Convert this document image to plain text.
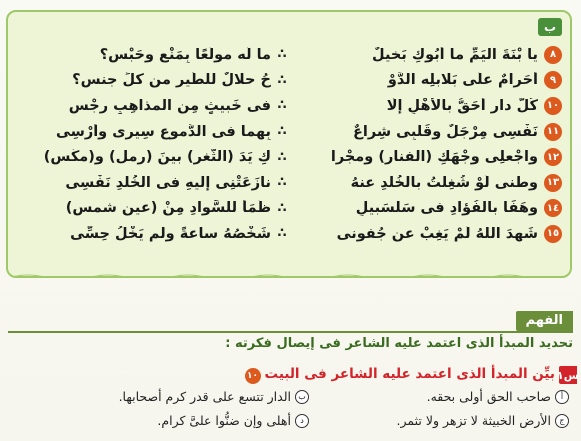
ب
٨
يا بْنَةَ اليَمِّ ما أبُوكِ بَخيلٌ
∴
ما لَه مولَعًا بِمَنْعٍ وحَبْسِ؟
٩
أحَرامٌ علَى بَلابلِه الدَّوْ
∴
حُ حلالٌ للطَّيرِ من كلِّ جنسِ؟
١٠
كُلُّ دارٍ أحَقُّ بالأهْلِ إلَّا
∴
فى خَبيثٍ مِن المذاهِبِ رِجْسِ
١١
نَفْسِى مِرْجَلٌ وقَلْبِى شِراعٌ
∴
بِهِما فى الدُّموعِ سِيرِى وأرْسِى
١٢
واجْعلِى وجْهَكِ (الفنار) ومجْرا
∴
كِ يَدَ (الثَّغر) بينَ (رمل) و(مكْس)
١٣
وطنى لَوْ شُغِلْتُ بالخُلْدِ عنهُ
∴
نازَعَتْنِى إليهِ فى الخُلْدِ نَفْسِى
١٤
وهَفَا بالفُؤادِ فى سَلْسَبيلٍ
∴
ظَمَأٌ للسَّوادِ مِنْ (عينِ شمسِ)
١٥
شَهِدَ اللهُ لَمْ يَغِبْ عن جُفونى
∴
شَخْصُهُ ساعةً ولم يَخْلُ حِسِّى
الفهم
تحديد المبدأ الذى اعتمد عليه الشاعر فى إيصال فكرته :
س١
بيِّن المبدأ الذى اعتمد عليه الشاعر فى البيت١٠
أ
صاحب الحق أولى بحقه.
ب
الدار تتسع على قدر كرم أصحابها.
ج
الأرض الخبيثة لا تزهر ولا تثمر.
د
أهلى وإن ضنُّوا علىَّ كرام.
